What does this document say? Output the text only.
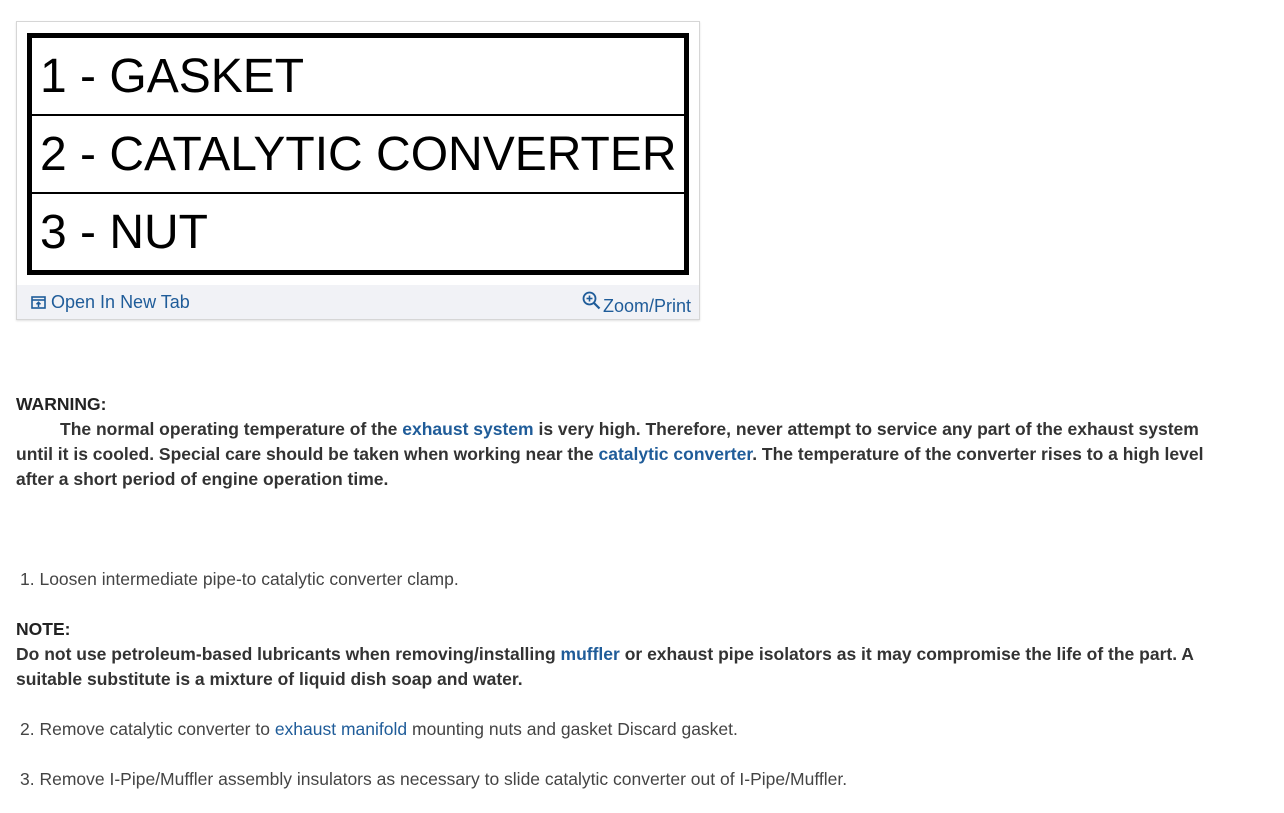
1 - GASKET
2 - CATALYTIC CONVERTER
3 - NUT
Open In New Tab	Zoom/Print
WARNING:
The normal operating temperature of the exhaust system is very high. Therefore, never attempt to service any part of the exhaust system until it is cooled. Special care should be taken when working near the catalytic converter. The temperature of the converter rises to a high level after a short period of engine operation time.
1. Loosen intermediate pipe-to catalytic converter clamp.
NOTE:
Do not use petroleum-based lubricants when removing/installing muffler or exhaust pipe isolators as it may compromise the life of the part. A suitable substitute is a mixture of liquid dish soap and water.
2. Remove catalytic converter to exhaust manifold mounting nuts and gasket Discard gasket.
3. Remove I-Pipe/Muffler assembly insulators as necessary to slide catalytic converter out of I-Pipe/Muffler.
